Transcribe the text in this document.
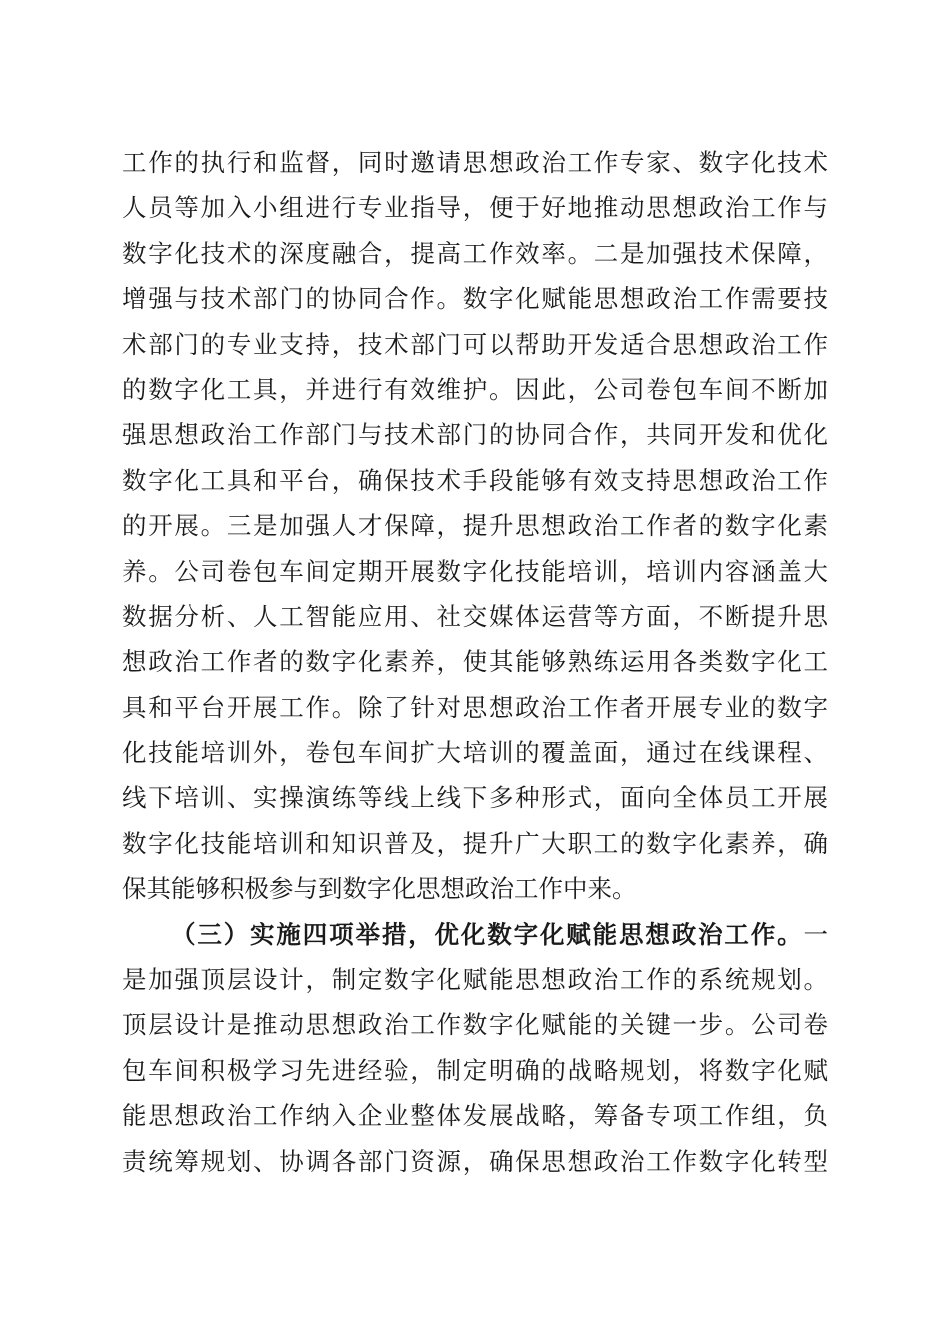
工作的执行和监督，同时邀请思想政治工作专家、数字化技术
人员等加入小组进行专业指导，便于好地推动思想政治工作与
数字化技术的深度融合，提高工作效率。二是加强技术保障，
增强与技术部门的协同合作。数字化赋能思想政治工作需要技
术部门的专业支持，技术部门可以帮助开发适合思想政治工作
的数字化工具，并进行有效维护。因此，公司卷包车间不断加
强思想政治工作部门与技术部门的协同合作，共同开发和优化
数字化工具和平台，确保技术手段能够有效支持思想政治工作
的开展。三是加强人才保障，提升思想政治工作者的数字化素
养。公司卷包车间定期开展数字化技能培训，培训内容涵盖大
数据分析、人工智能应用、社交媒体运营等方面，不断提升思
想政治工作者的数字化素养，使其能够熟练运用各类数字化工
具和平台开展工作。除了针对思想政治工作者开展专业的数字
化技能培训外，卷包车间扩大培训的覆盖面，通过在线课程、
线下培训、实操演练等线上线下多种形式，面向全体员工开展
数字化技能培训和知识普及，提升广大职工的数字化素养，确
保其能够积极参与到数字化思想政治工作中来。
（三）实施四项举措，优化数字化赋能思想政治工作。一
是加强顶层设计，制定数字化赋能思想政治工作的系统规划。
顶层设计是推动思想政治工作数字化赋能的关键一步。公司卷
包车间积极学习先进经验，制定明确的战略规划，将数字化赋
能思想政治工作纳入企业整体发展战略，筹备专项工作组，负
责统筹规划、协调各部门资源，确保思想政治工作数字化转型
